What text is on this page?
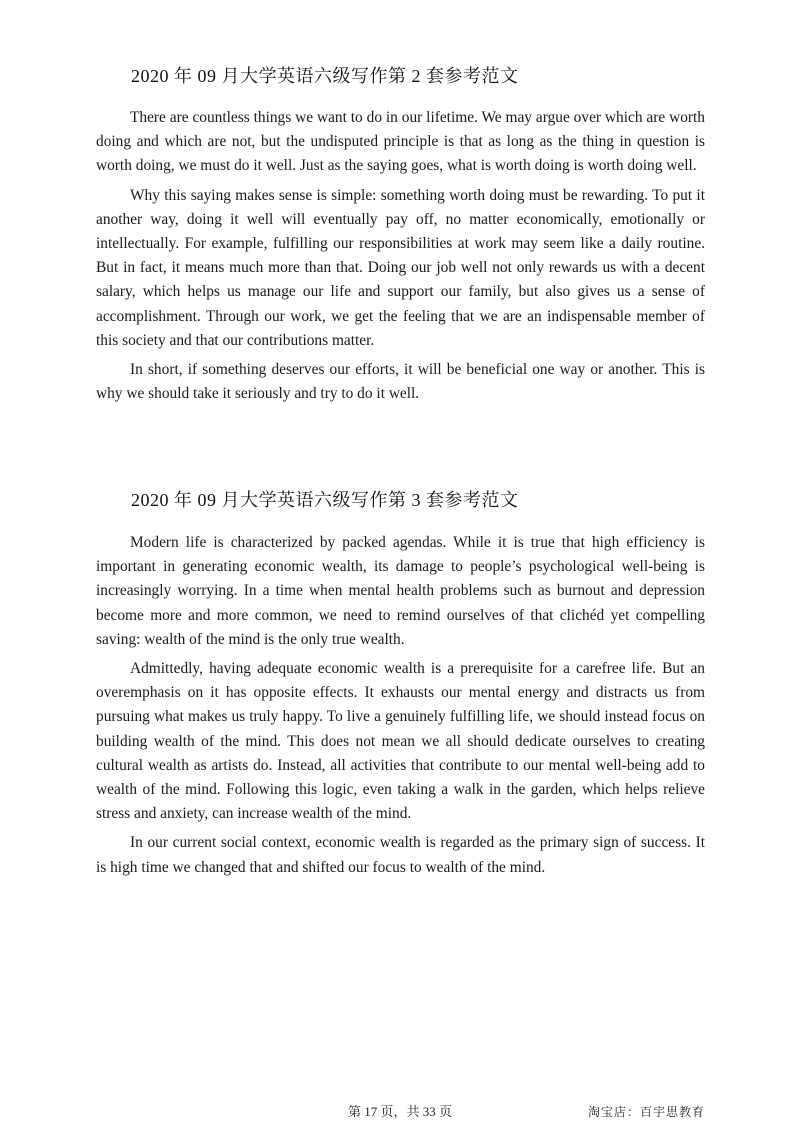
2020 年 09 月大学英语六级写作第 2 套参考范文

There are countless things we want to do in our lifetime. We may argue over which are worth doing and which are not, but the undisputed principle is that as long as the thing in question is worth doing, we must do it well. Just as the saying goes, what is worth doing is worth doing well.

Why this saying makes sense is simple: something worth doing must be rewarding. To put it another way, doing it well will eventually pay off, no matter economically, emotionally or intellectually. For example, fulfilling our responsibilities at work may seem like a daily routine. But in fact, it means much more than that. Doing our job well not only rewards us with a decent salary, which helps us manage our life and support our family, but also gives us a sense of accomplishment. Through our work, we get the feeling that we are an indispensable member of this society and that our contributions matter.

In short, if something deserves our efforts, it will be beneficial one way or another. This is why we should take it seriously and try to do it well.

2020 年 09 月大学英语六级写作第 3 套参考范文

Modern life is characterized by packed agendas. While it is true that high efficiency is important in generating economic wealth, its damage to people’s psychological well-being is increasingly worrying. In a time when mental health problems such as burnout and depression become more and more common, we need to remind ourselves of that clichéd yet compelling saving: wealth of the mind is the only true wealth.

Admittedly, having adequate economic wealth is a prerequisite for a carefree life. But an overemphasis on it has opposite effects. It exhausts our mental energy and distracts us from pursuing what makes us truly happy. To live a genuinely fulfilling life, we should instead focus on building wealth of the mind. This does not mean we all should dedicate ourselves to creating cultural wealth as artists do. Instead, all activities that contribute to our mental well-being add to wealth of the mind. Following this logic, even taking a walk in the garden, which helps relieve stress and anxiety, can increase wealth of the mind.

In our current social context, economic wealth is regarded as the primary sign of success. It is high time we changed that and shifted our focus to wealth of the mind.

第 17 页，共 33 页	淘宝店：百宇思教育
